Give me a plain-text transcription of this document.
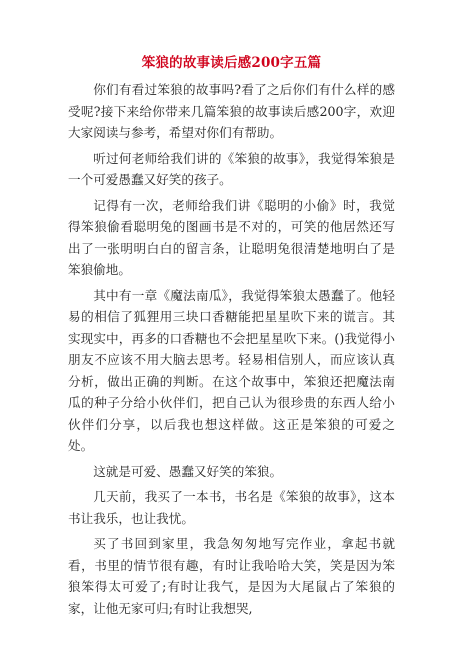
笨狼的故事读后感200字五篇

你们有看过笨狼的故事吗?看了之后你们有什么样的感受呢?接下来给你带来几篇笨狼的故事读后感200字，欢迎大家阅读与参考，希望对你们有帮助。

听过何老师给我们讲的《笨狼的故事》，我觉得笨狼是一个可爱愚蠢又好笑的孩子。

记得有一次，老师给我们讲《聪明的小偷》时，我觉得笨狼偷看聪明兔的图画书是不对的，可笑的他居然还写出了一张明明白白的留言条，让聪明兔很清楚地明白了是笨狼偷地。

其中有一章《魔法南瓜》，我觉得笨狼太愚蠢了。他轻易的相信了狐狸用三块口香糖能把星星吹下来的谎言。其实现实中，再多的口香糖也不会把星星吹下来。()我觉得小朋友不应该不用大脑去思考。轻易相信别人，而应该认真分析，做出正确的判断。在这个故事中，笨狼还把魔法南瓜的种子分给小伙伴们，把自己认为很珍贵的东西人给小伙伴们分享，以后我也想这样做。这正是笨狼的可爱之处。

这就是可爱、愚蠢又好笑的笨狼。

几天前，我买了一本书，书名是《笨狼的故事》，这本书让我乐，也让我忧。

买了书回到家里，我急匆匆地写完作业，拿起书就看，书里的情节很有趣，有时让我哈哈大笑，笑是因为笨狼笨得太可爱了;有时让我气，是因为大尾鼠占了笨狼的家，让他无家可归;有时让我想哭,
